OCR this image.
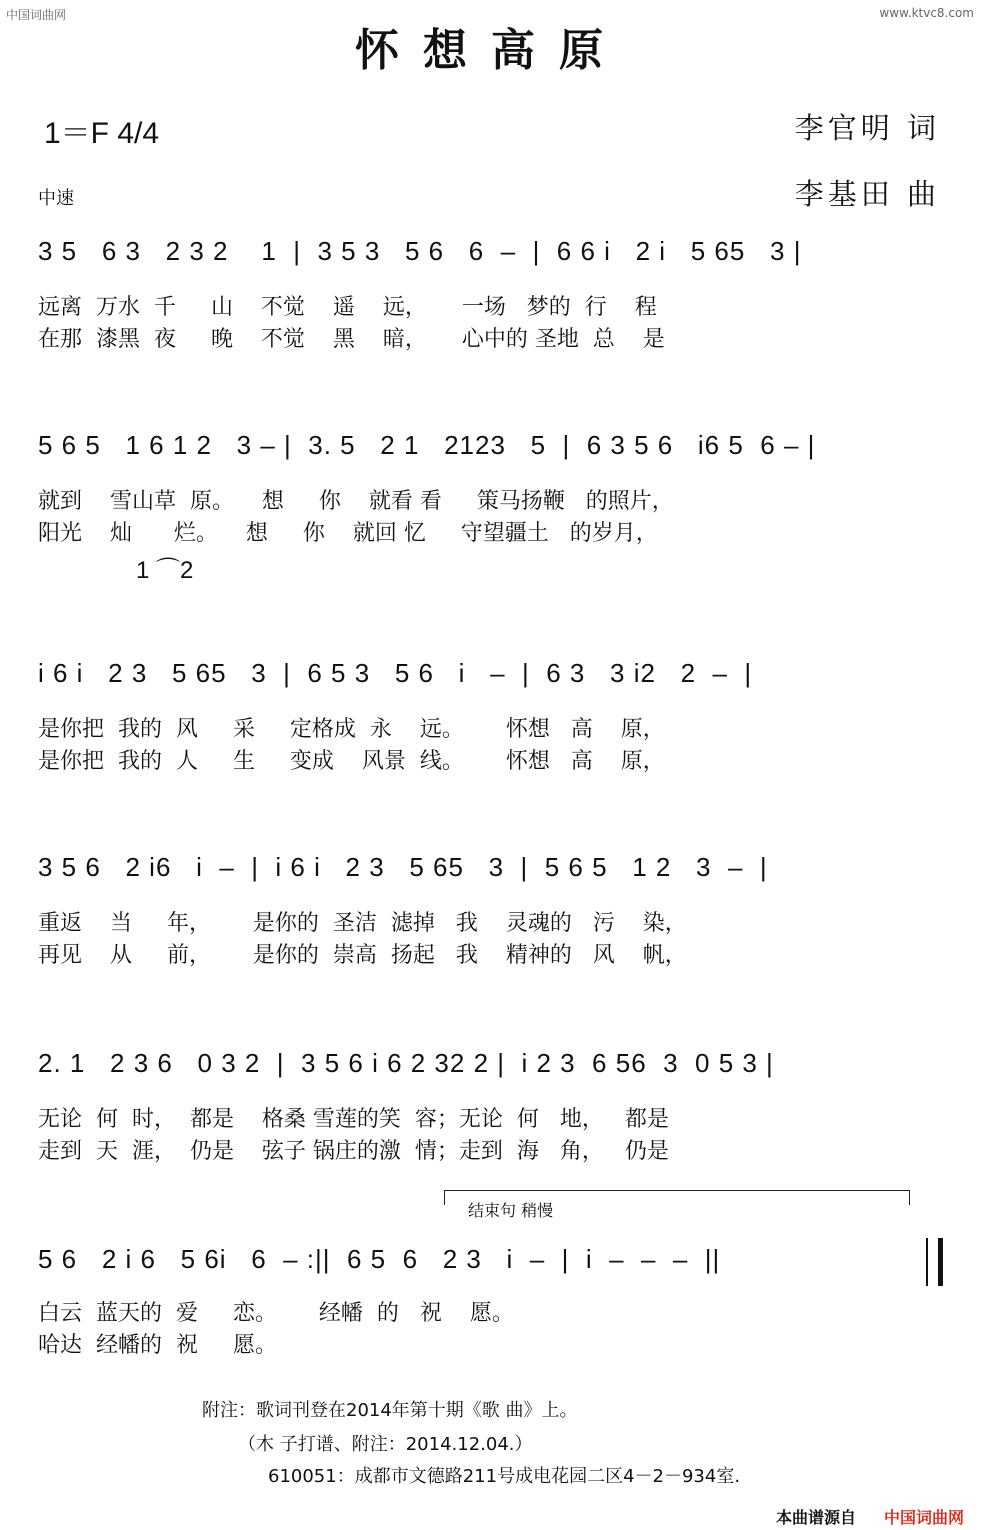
中国词曲网	www.ktvc8.com
怀想高原
1＝F 4/4	李官明 词
李基田 曲
中速
3 5   6 3   2 3 2    1  |  3 5 3   5 6   6  –  |  6 6 i   2 i   5 65   3 |
远离  万水  千     山    不觉    遥    远，     一场   梦的  行    程
在那  漆黑  夜     晚    不觉    黑    暗，     心中的 圣地  总    是
5 6 5   1 6 1 2   3 – |  3. 5   2 1   2123   5  |  6 3 5 6   i6 5  6 – |
就到    雪山草  原。    想     你    就看 看     策马扬鞭   的照片，
阳光    灿      烂。    想     你    就回 忆     守望疆土   的岁月，
1 ⌒2
i 6 i   2 3   5 65   3  |  6 5 3   5 6   i   –  |  6 3   3 i2   2  –  |
是你把  我的  风     采     定格成  永    远。      怀想   高    原，
是你把  我的  人     生     变成    风景  线。      怀想   高    原，
3 5 6   2 i6   i  –  |  i 6 i   2 3   5 65   3  |  5 6 5   1 2   3  –  |
重返    当     年，      是你的  圣洁  滤掉   我    灵魂的   污    染，
再见    从     前，      是你的  崇高  扬起   我    精神的   风    帆，
2. 1   2 3 6   0 3 2  |  3 5 6 i 6 2 32 2 |  i 2 3  6 56  3  0 5 3 |
无论  何  时，  都是    格桑 雪莲的笑  容；无论  何   地，   都是
走到  天  涯，  仍是    弦子 锅庄的激  情；走到  海   角，   仍是
结束句 稍慢
5 6   2 i 6   5 6i   6  – :||  6 5  6   2 3   i  –  |  i  –  –  –  ||
白云  蓝天的  爱     恋。      经幡  的   祝    愿。
哈达  经幡的  祝     愿。
附注：歌词刊登在2014年第十期《歌 曲》上。
（木 子打谱、附注：2014.12.04.）
610051：成都市文德路211号成电花园二区4－2－934室.
本曲谱源自 中国词曲网
